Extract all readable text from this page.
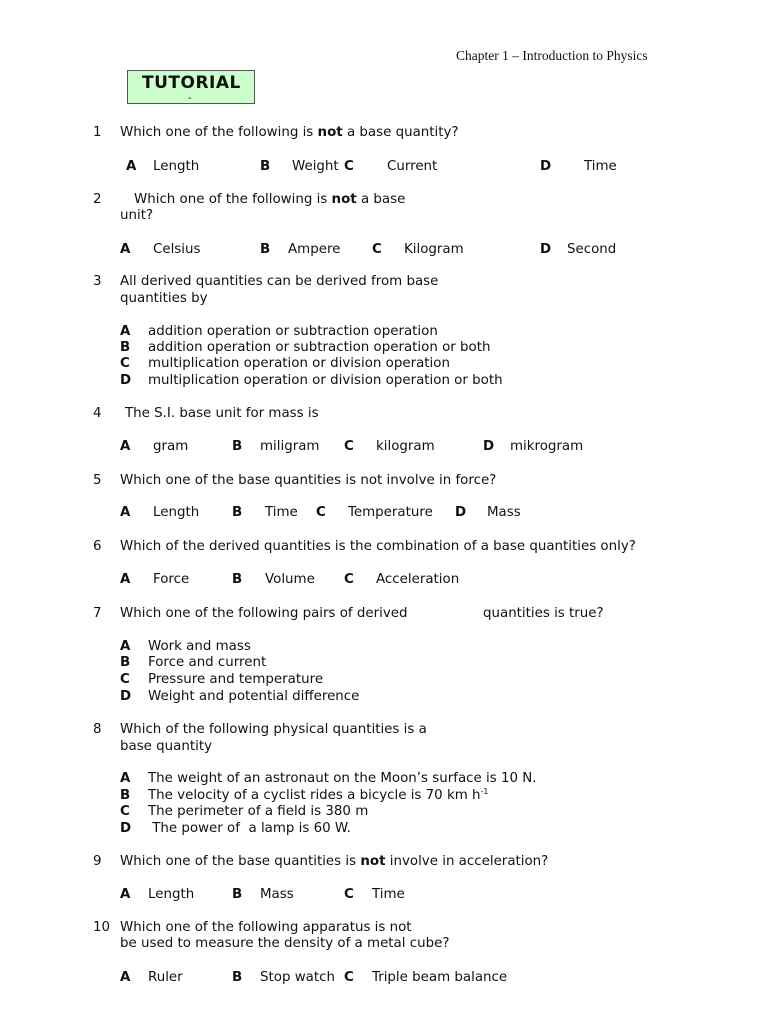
Chapter 1 – Introduction to Physics
TUTORIAL
-
1 Which one of the following is not a base quantity?
A Length	B Weight C Current	D Time
2 Which one of the following is not a base
unit?
A Celsius	B Ampere C Kilogram	D Second
3 All derived quantities can be derived from base
quantities by
A addition operation or subtraction operation
B addition operation or subtraction operation or both
C multiplication operation or division operation
D multiplication operation or division operation or both
4 The S.I. base unit for mass is
A gram	B miligram C kilogram	D mikrogram
5 Which one of the base quantities is not involve in force?
A Length B Time C Temperature D Mass
6 Which of the derived quantities is the combination of a base quantities only?
A Force	B Volume C Acceleration
7 Which one of the following pairs of derived	quantities is true?
A Work and mass
B Force and current
C Pressure and temperature
D Weight and potential difference
8 Which of the following physical quantities is a
base quantity
A The weight of an astronaut on the Moon’s surface is 10 N.
B The velocity of a cyclist rides a bicycle is 70 km $h^{-1}$
C The perimeter of a field is 380 m
D The power of  a lamp is 60 W.
9 Which one of the base quantities is not involve in acceleration?
A Length	B Mass	C Time
10 Which one of the following apparatus is not
be used to measure the density of a metal cube?
A Ruler	B Stop watch C Triple beam balance
